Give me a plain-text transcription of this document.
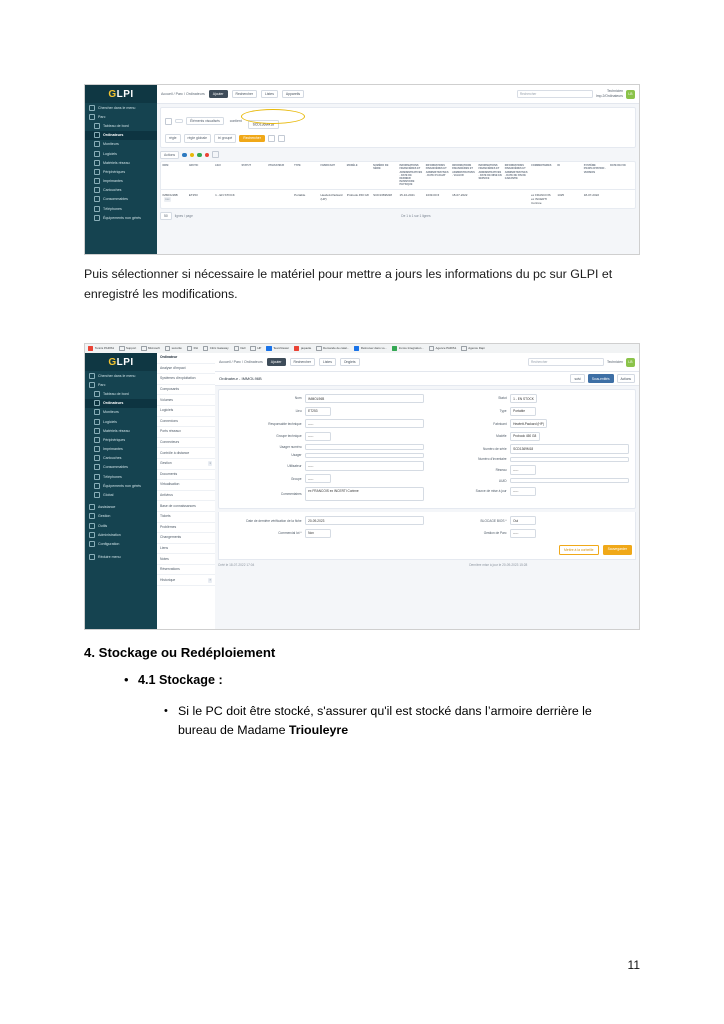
G LPI
Chercher dans le menu
Parc
Tableau de bord
Ordinateurs
Moniteurs
Logiciels
Matériels réseau
Périphériques
Imprimantes
Cartouches
Consommables
Téléphones
Équipements non gérés
Accueil / Parc / Ordinateurs	Ajouter	Rechercher	Listes	Appareils	Rechercher
Technicien
Imp.2/Ordinateurs	LB
Éléments visualisés	contient
SCD1369M18
règle	règle globale	tri groupé	Rechercher
Actions
NOM	ARCTIC	LIEU	STATUT	UTILISATEUR	TYPE	FABRICANT	MODÈLE	NUMÉRO DE SÉRIE	INFORMATIONS FINANCIÈRES ET ADMINISTRATIVES - DATE DE DERNIER INVENTAIRE PHYSIQUE	INFORMATIONS FINANCIÈRES ET ADMINISTRATIVES - DATE D'ACHAT	INFORMATIONS FINANCIÈRES ET ADMINISTRATIVES - VALEUR	INFORMATIONS FINANCIÈRES ET ADMINISTRATIVES - DATE DE MISE EN SERVICE	INFORMATIONS FINANCIÈRES ET ADMINISTRATIVES - DATE DE FIN DE GARANTIE	COMMENTAIRES	ID	SYSTÈME D'EXPLOITATION - VERSION	DATE DE FIN
IMMOL96Bmax	ET253	1 - EN STOCK			Portable	Hewlett-Packard (HP)	Probook 450 G8	SCD1369M18	15-10-2021	1039.00 €	18-07-2022			ex FRANCOIS ex INCERTI Corinne	1025	18-07-2022	
50	lignes / page	De 1 à 1 sur 1 lignes
Puis sélectionner si nécessaire le matériel pour mettre a jours les informations du pc sur GLPI et enregistré les modifications.
Tennis PARIS1	Support	Microsoft	sécurité	RH	Citrix Gateway	Dell	HP	TeamViewer	jaquette	Demande de catal...	Retrouver dans vo...	Incore Integration...	Agence PARIS1	Agence Dapi
G LPI
Chercher dans le menu
Parc
Tableau de bord
Ordinateurs
Moniteurs
Logiciels
Matériels réseau
Périphériques
Imprimantes
Cartouches
Consommables
Téléphones
Équipements non gérés
Global
Assistance
Gestion
Outils
Administration
Configuration
Réduire menu
Ordinateur
Analyse d'impact
Systèmes d'exploitation
Composants
Volumes
Logiciels
Connexions
Ports réseaux
Connecteurs
Contrôle à distance
Gestion	1
Documents
Virtualisation
Antivirus
Base de connaissances
Tickets
Problèmes
Changements
Liens
Notes
Réservations
Historique	7
Accueil / Parc / Ordinateurs	Ajouter	Rechercher	Listes	Onglets	Rechercher	Technicien	LB
Ordinateur - IMMOL96B	suivi	Sous-entités	Actions
Nom	IMMOL96B
Lieu	ET253
Responsable technique	-----
Groupe technique	-----
Usager numéro
Usager
Utilisateur	-----
Groupe	-----
Commentaires
ex FRANCOIS ex INCERTI Corinne
Statut	1 - EN STOCK
Type	Portable
Fabricant	Hewlett-Packard (HP)
Modèle	Probook 450 G8
Numéro de série	SCD1369M18
Numéro d'inventaire
Réseau	-----
UUID
Source de mise à jour	-----
Date de dernière vérification de la fiche	20-09-2023
Commercial lot *	Non
BLOCAGE BIOS *	Oui
Gestion de Parc	-----
Mettre à la corbeille	Sauvegarder
Créé le 18-07-2022 17:04	Dernière mise à jour le 20-09-2023 15:28
4. Stockage ou Redéploiement
• 4.1 Stockage :
• Si le PC doit être stocké, s'assurer qu'il est stocké dans l’armoire derrière le bureau de Madame Triouleyre
11
